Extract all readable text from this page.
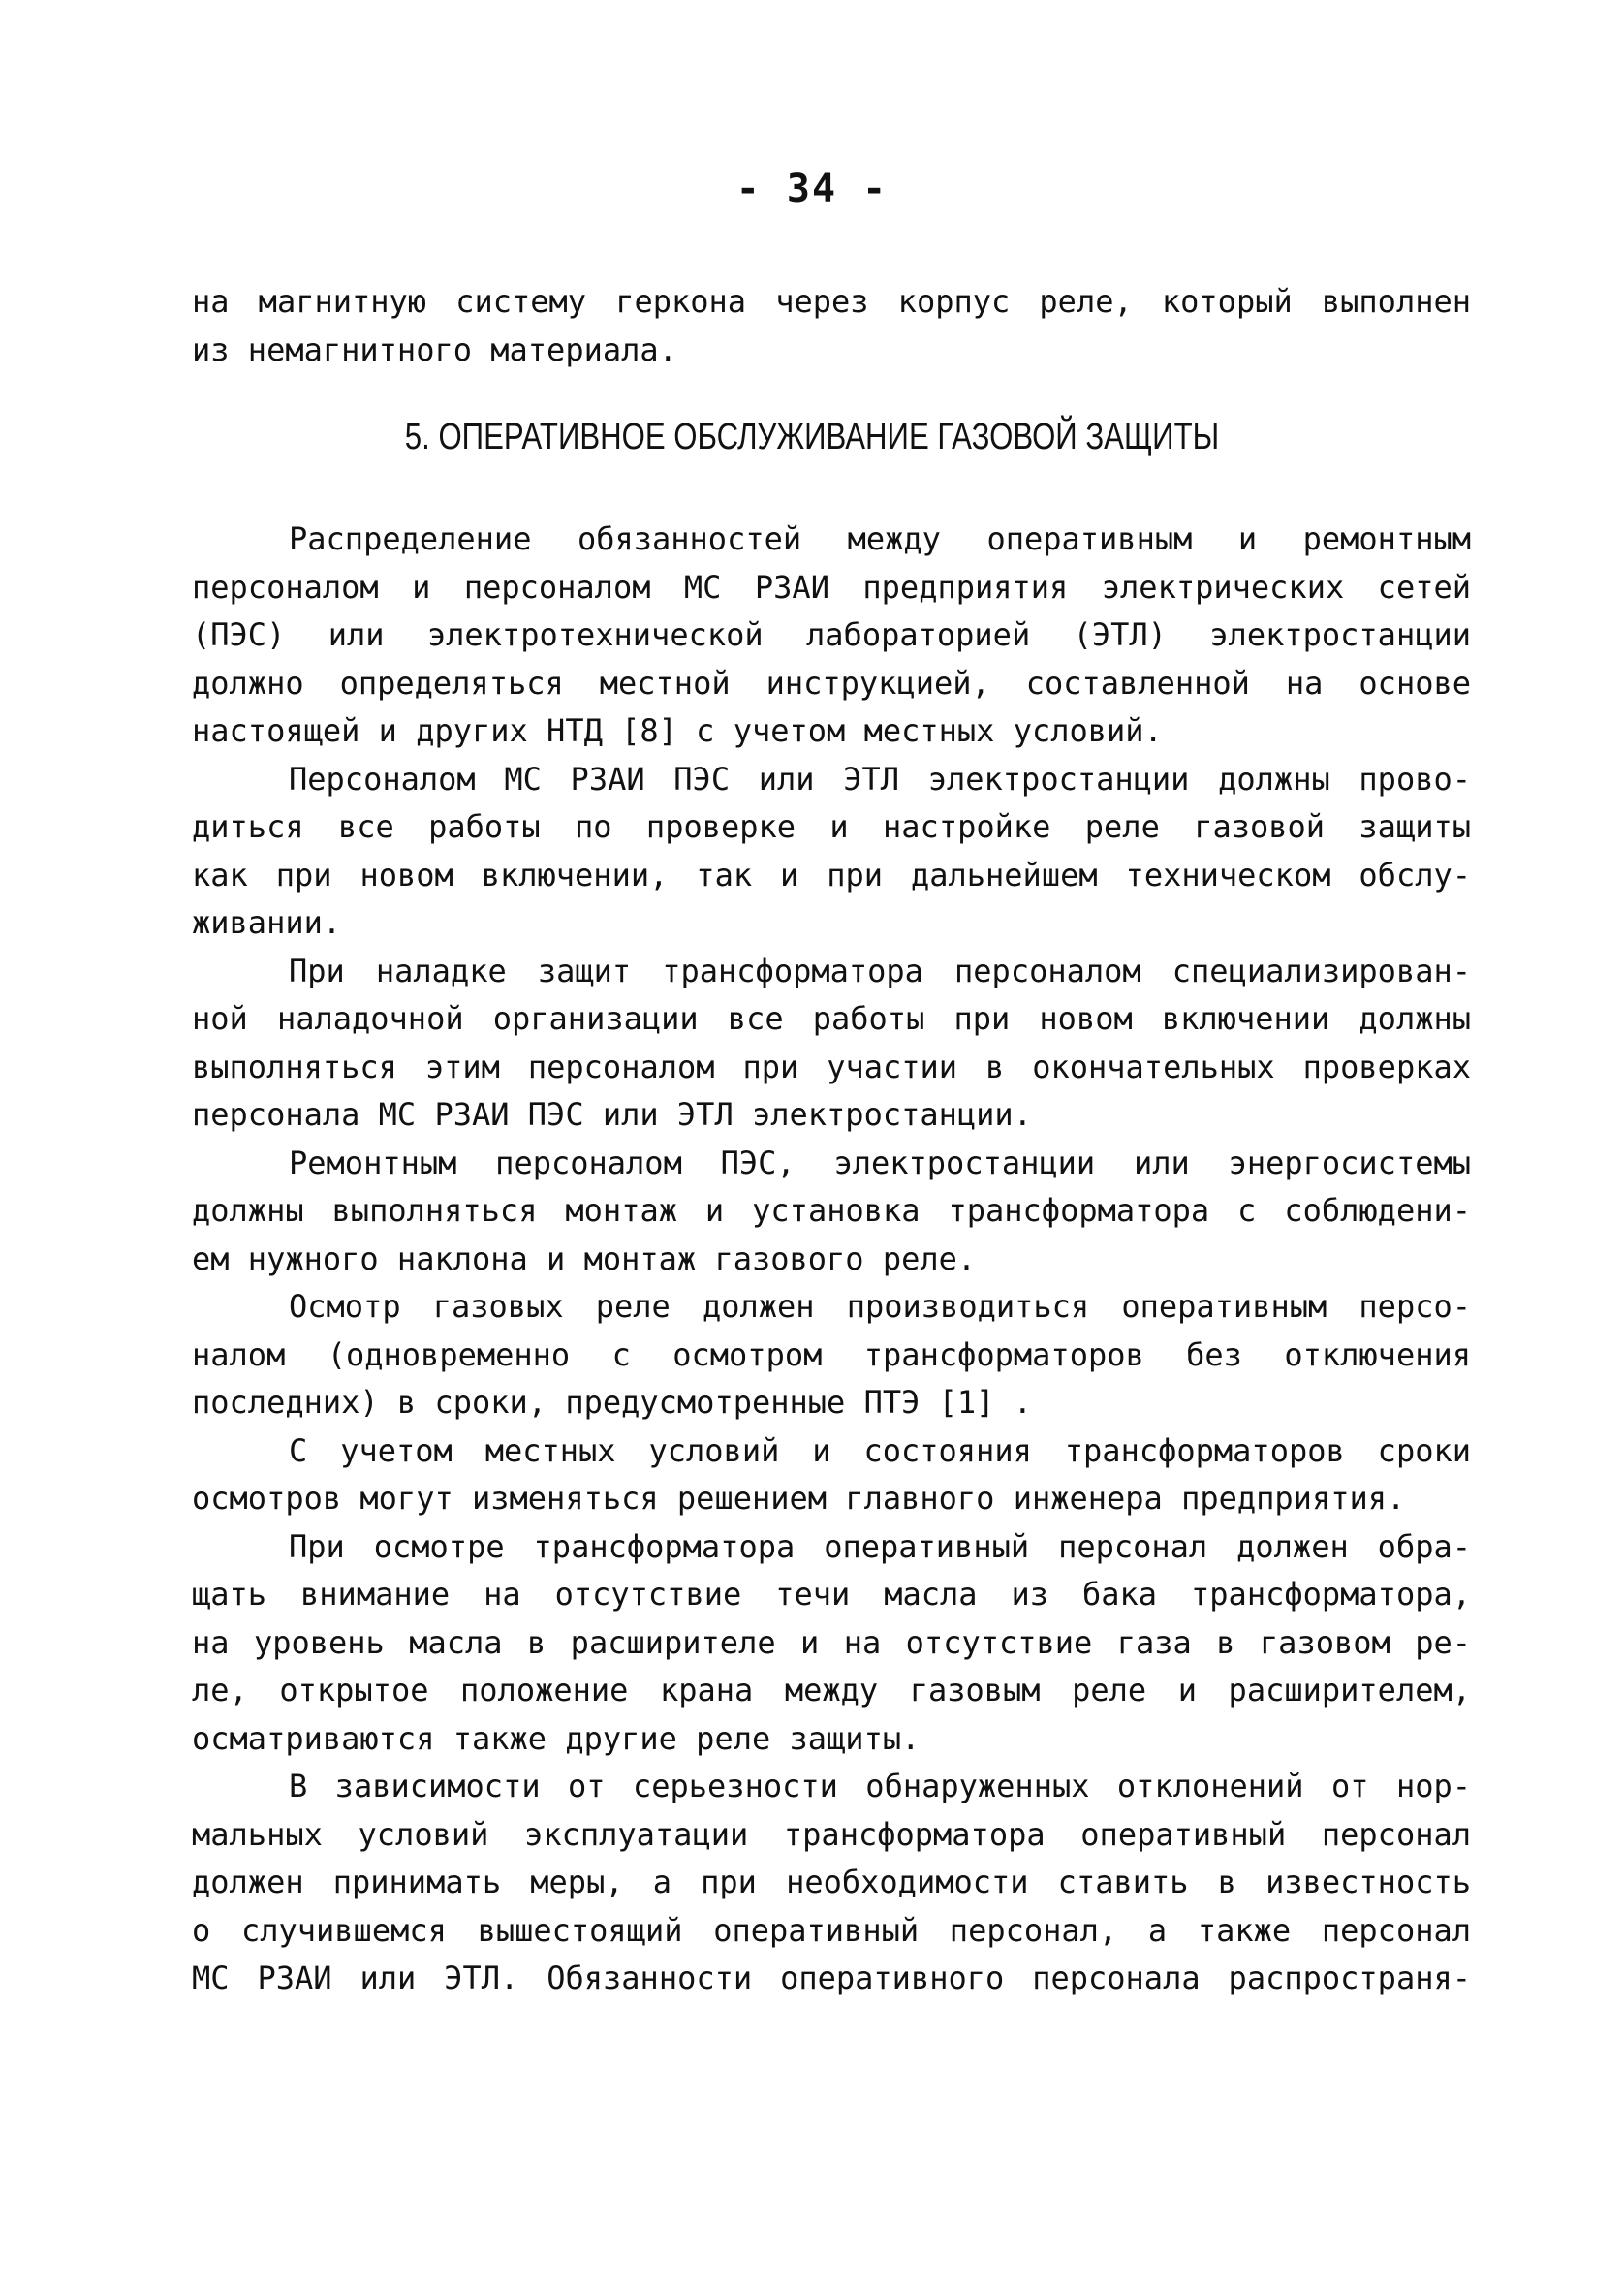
- 34 -
на магнитную систему геркона через корпус реле, который выполнен
из немагнитного материала.
5. ОПЕРАТИВНОЕ ОБСЛУЖИВАНИЕ ГАЗОВОЙ ЗАЩИТЫ
Распределение обязанностей между оперативным и ремонтным
персоналом и персоналом МС РЗАИ предприятия электрических сетей
(ПЭС) или электротехнической лабораторией (ЭТЛ) электростанции
должно определяться местной инструкцией, составленной на основе
настоящей и других НТД [8] с учетом местных условий.
Персоналом МС РЗАИ ПЭС или ЭТЛ электростанции должны прово-
диться все работы по проверке и настройке реле газовой защиты
как при новом включении, так и при дальнейшем техническом обслу-
живании.
При наладке защит трансформатора персоналом специализирован-
ной наладочной организации все работы при новом включении должны
выполняться этим персоналом при участии в окончательных проверках
персонала МС РЗАИ ПЭС или ЭТЛ электростанции.
Ремонтным персоналом ПЭС, электростанции или энергосистемы
должны выполняться монтаж и установка трансформатора с соблюдени-
ем нужного наклона и монтаж газового реле.
Осмотр газовых реле должен производиться оперативным персо-
налом (одновременно с осмотром трансформаторов без отключения
последних) в сроки, предусмотренные ПТЭ [1] .
С учетом местных условий и состояния трансформаторов сроки
осмотров могут изменяться решением главного инженера предприятия.
При осмотре трансформатора оперативный персонал должен обра-
щать внимание на отсутствие течи масла из бака трансформатора,
на уровень масла в расширителе и на отсутствие газа в газовом ре-
ле, открытое положение крана между газовым реле и расширителем,
осматриваются также другие реле защиты.
В зависимости от серьезности обнаруженных отклонений от нор-
мальных условий эксплуатации трансформатора оперативный персонал
должен принимать меры, а при необходимости ставить в известность
о случившемся вышестоящий оперативный персонал, а также персонал
МС РЗАИ или ЭТЛ. Обязанности оперативного персонала распространя-
